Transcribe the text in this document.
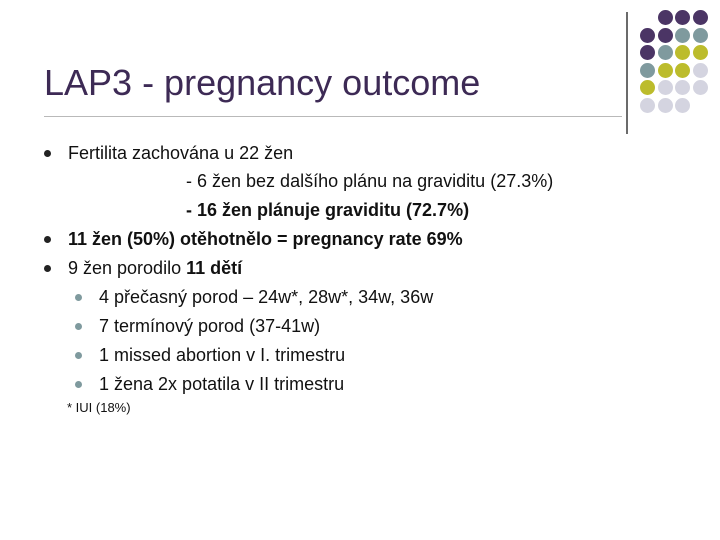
LAP3 - pregnancy outcome
Fertilita zachována u 22 žen
- 6 žen bez dalšího plánu na graviditu (27.3%)
- 16 žen plánuje graviditu (72.7%)
11 žen (50%) otěhotnělo = pregnancy rate 69%
9 žen porodilo 11 dětí
4 přečasný porod – 24w*, 28w*, 34w, 36w
7 termínový porod (37-41w)
1 missed abortion v I. trimestru
1 žena 2x potatila v II trimestru
* IUI (18%)
